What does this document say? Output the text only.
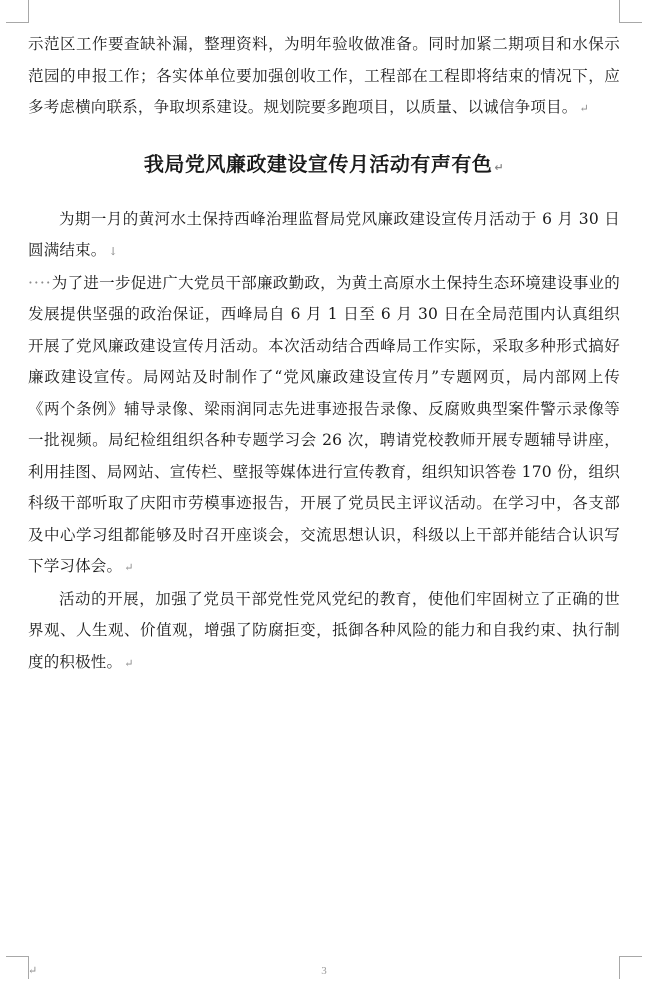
示范区工作要查缺补漏，整理资料，为明年验收做准备。同时加紧二期项目和水保示范园的申报工作；各实体单位要加强创收工作，工程部在工程即将结束的情况下，应多考虑横向联系，争取坝系建设。规划院要多跑项目，以质量、以诚信争项目。 ↵

我局党风廉政建设宣传月活动有声有色 ↵

为期一月的黄河水土保持西峰治理监督局党风廉政建设宣传月活动于 6 月 30 日圆满结束。 ↓

····为了进一步促进广大党员干部廉政勤政，为黄土高原水土保持生态环境建设事业的发展提供坚强的政治保证，西峰局自 6 月 1 日至 6 月 30 日在全局范围内认真组织开展了党风廉政建设宣传月活动。本次活动结合西峰局工作实际，采取多种形式搞好廉政建设宣传。局网站及时制作了“党风廉政建设宣传月”专题网页，局内部网上传《两个条例》辅导录像、梁雨润同志先进事迹报告录像、反腐败典型案件警示录像等一批视频。局纪检组组织各种专题学习会 26 次，聘请党校教师开展专题辅导讲座，利用挂图、局网站、宣传栏、壁报等媒体进行宣传教育，组织知识答卷 170 份，组织科级干部听取了庆阳市劳模事迹报告，开展了党员民主评议活动。在学习中，各支部及中心学习组都能够及时召开座谈会，交流思想认识，科级以上干部并能结合认识写下学习体会。 ↵

活动的开展，加强了党员干部党性党风党纪的教育，使他们牢固树立了正确的世界观、人生观、价值观，增强了防腐拒变，抵御各种风险的能力和自我约束、执行制度的积极性。 ↵

↵	3
